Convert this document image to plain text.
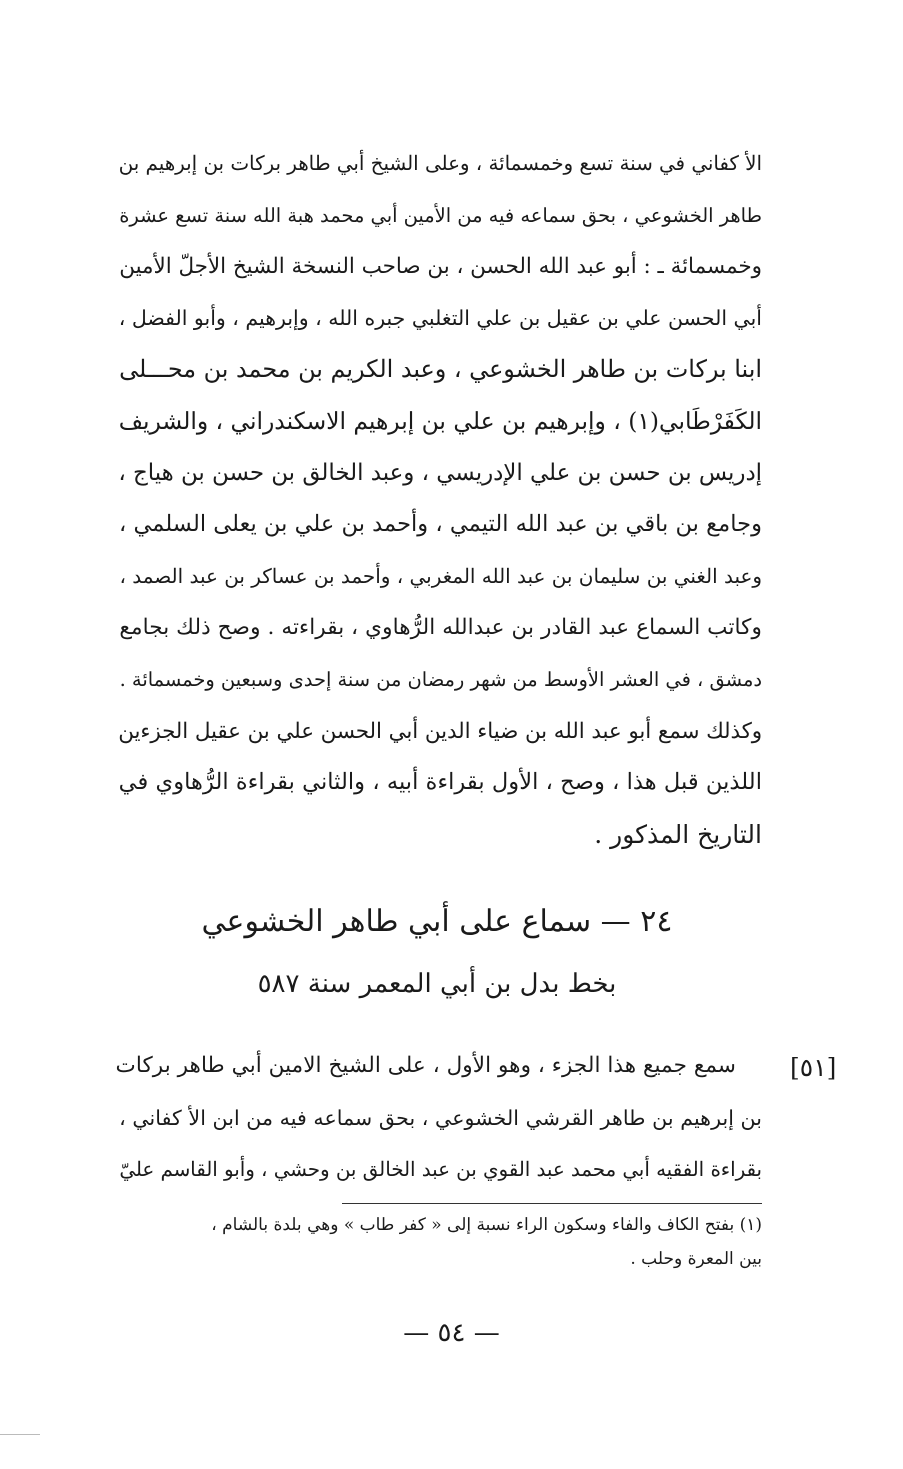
الأ كفاني في سنة تسع وخمسمائة ، وعلى الشيخ أبي طاهر بركات بن إبرهيم بن
طاهر الخشوعي ، بحق سماعه فيه من الأمين أبي محمد هبة الله سنة تسع عشرة
وخمسمائة ـ : أبو عبد الله الحسن ، بن صاحب النسخة الشيخ الأجلّ الأمين
أبي الحسن علي بن عقيل بن علي التغلبي جبره الله ، وإبرهيم ، وأبو الفضل ،
ابنا بركات بن طاهر الخشوعي ، وعبد الكريم بن محمد بن محـــلى
الكَفَرْطَابي(١) ، وإبرهيم بن علي بن إبرهيم الاسكندراني ، والشريف
إدريس بن حسن بن علي الإدريسي ، وعبد الخالق بن حسن بن هياج ،
وجامع بن باقي بن عبد الله التيمي ، وأحمد بن علي بن يعلى السلمي ،
وعبد الغني بن سليمان بن عبد الله المغربي ، وأحمد بن عساكر بن عبد الصمد ،
وكاتب السماع عبد القادر بن عبدالله الرُّهاوي ، بقراءته . وصح ذلك بجامع
دمشق ، في العشر الأوسط من شهر رمضان من سنة إحدى وسبعين وخمسمائة .
وكذلك سمع أبو عبد الله بن ضياء الدين أبي الحسن علي بن عقيل الجزءين
اللذين قبل هذا ، وصح ، الأول بقراءة أبيه ، والثاني بقراءة الرُّهاوي في
التاريخ المذكور .
٢٤ — سماع على أبي طاهر الخشوعي
بخط بدل بن أبي المعمر سنة ٥٨٧
[٥١]
سمع جميع هذا الجزء ، وهو الأول ، على الشيخ الامين أبي طاهر بركات
بن إبرهيم بن طاهر القرشي الخشوعي ، بحق سماعه فيه من ابن الأ كفاني ،
بقراءة الفقيه أبي محمد عبد القوي بن عبد الخالق بن وحشي ، وأبو القاسم عليّ
(١) بفتح الكاف والفاء وسكون الراء نسبة إلى « كفر طاب » وهي بلدة بالشام ،
بين المعرة وحلب .
— ٥٤ —
